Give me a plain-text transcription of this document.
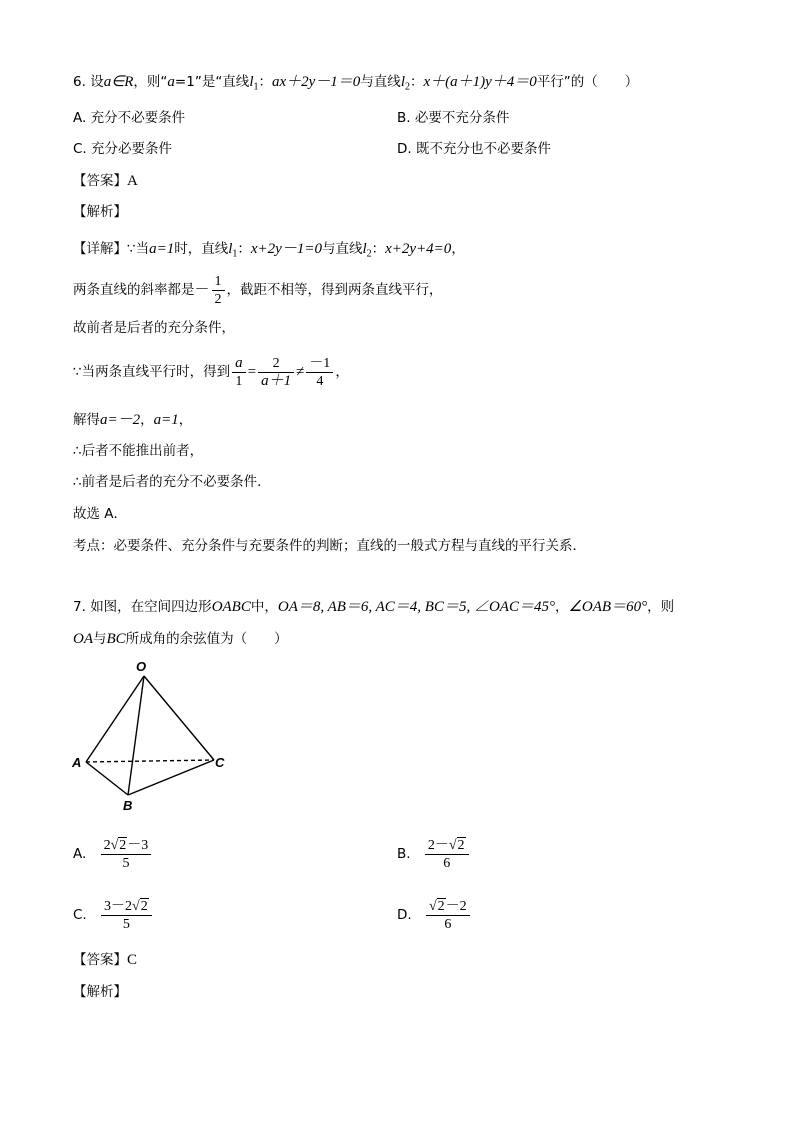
6. 设a∈R，则“a=1”是“直线$l_1$：ax＋2y－1＝0与直线$l_2$：x＋(a＋1)y＋4＝0平行”的（　　）
A. 充分不必要条件	B. 必要不充分条件
C. 充分必要条件	D. 既不充分也不必要条件
【答案】A
【解析】
【详解】∵当a=1时，直线$l_1$：x+2y－1=0与直线$l_2$：x+2y+4=0，
两条直线的斜率都是－ $\frac{1}{2}$ ，截距不相等，得到两条直线平行，
故前者是后者的充分条件，
∵当两条直线平行时，得到 $\frac{a}{1} = \frac{2}{a+1} \ne \frac{-1}{4}$ ，
解得a=－2，a=1，
∴后者不能推出前者，
∴前者是后者的充分不必要条件．
故选 A．
考点：必要条件、充分条件与充要条件的判断；直线的一般式方程与直线的平行关系．
7. 如图，在空间四边形OABC中，OA＝8, AB＝6, AC＝4, BC＝5, ∠OAC＝45°，∠OAB＝60°，则
OA与BC所成角的余弦值为（　　）
O
A
B
C
A. $\frac{2√2-3}{5}$	B. $\frac{2-√2}{6}$
C. $\frac{3-2√2}{5}$	D. $\frac{√2-2}{6}$
【答案】C
【解析】
